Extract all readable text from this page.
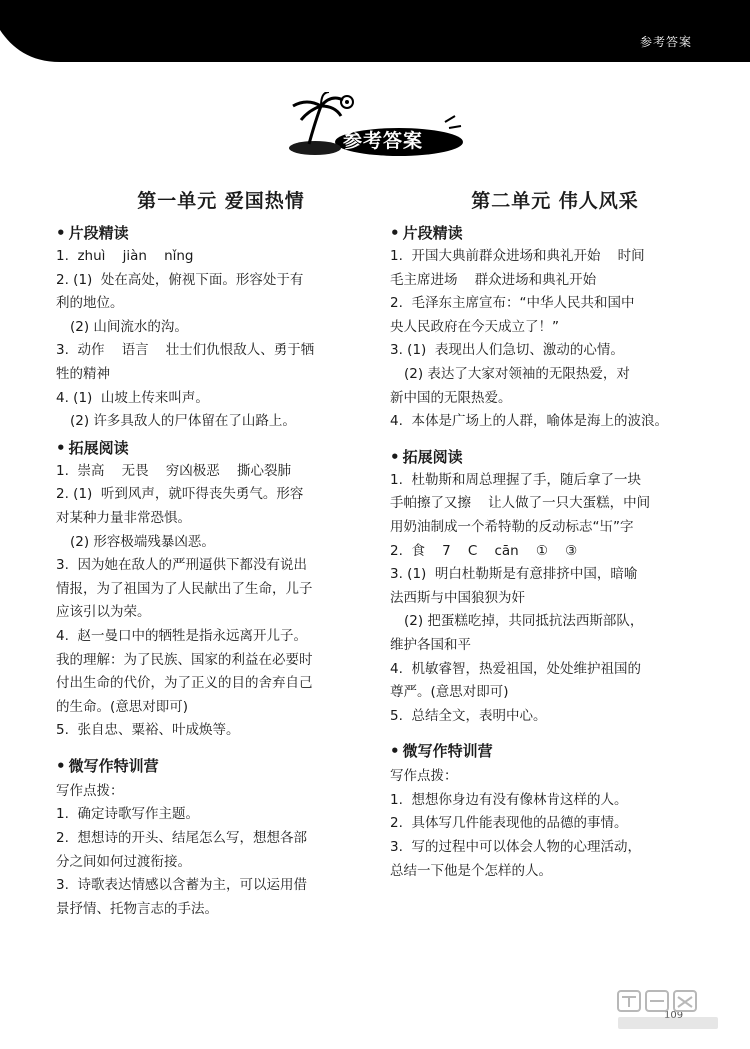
参考答案
参考答案
第一单元 爱国热情
• 片段精读
1.  zhuì    jiàn    nǐng
2. (1)  处在高处，俯视下面。形容处于有
利的地位。
(2) 山间流水的沟。
3.  动作    语言    壮士们仇恨敌人、勇于牺
牲的精神
4. (1)  山坡上传来叫声。
(2) 许多具敌人的尸体留在了山路上。
• 拓展阅读
1.  崇高    无畏    穷凶极恶    撕心裂肺
2. (1)  听到风声，就吓得丧失勇气。形容
对某种力量非常恐惧。
(2) 形容极端残暴凶恶。
3.  因为她在敌人的严刑逼供下都没有说出
情报，为了祖国为了人民献出了生命，儿子
应该引以为荣。
4.  赵一曼口中的牺牲是指永远离开儿子。
我的理解：为了民族、国家的利益在必要时
付出生命的代价，为了正义的目的舍弃自己
的生命。(意思对即可)
5.  张自忠、粟裕、叶成焕等。
• 微写作特训营
写作点拨：
1.  确定诗歌写作主题。
2.  想想诗的开头、结尾怎么写，想想各部
分之间如何过渡衔接。
3.  诗歌表达情感以含蓄为主，可以运用借
景抒情、托物言志的手法。
第二单元 伟人风采
• 片段精读
1.  开国大典前群众进场和典礼开始    时间
毛主席进场    群众进场和典礼开始
2.  毛泽东主席宣布：“中华人民共和国中
央人民政府在今天成立了！”
3. (1)  表现出人们急切、激动的心情。
(2) 表达了大家对领袖的无限热爱，对
新中国的无限热爱。
4.  本体是广场上的人群，喻体是海上的波浪。
• 拓展阅读
1.  杜勒斯和周总理握了手，随后拿了一块
手帕擦了又擦    让人做了一只大蛋糕，中间
用奶油制成一个希特勒的反动标志“卐”字
2.  食    7    C    cān    ①    ③
3. (1)  明白杜勒斯是有意排挤中国，暗喻
法西斯与中国狼狈为奸
(2) 把蛋糕吃掉，共同抵抗法西斯部队，
维护各国和平
4.  机敏睿智，热爱祖国，处处维护祖国的
尊严。(意思对即可)
5.  总结全文，表明中心。
• 微写作特训营
写作点拨：
1.  想想你身边有没有像林肯这样的人。
2.  具体写几件能表现他的品德的事情。
3.  写的过程中可以体会人物的心理活动，
总结一下他是个怎样的人。
109
